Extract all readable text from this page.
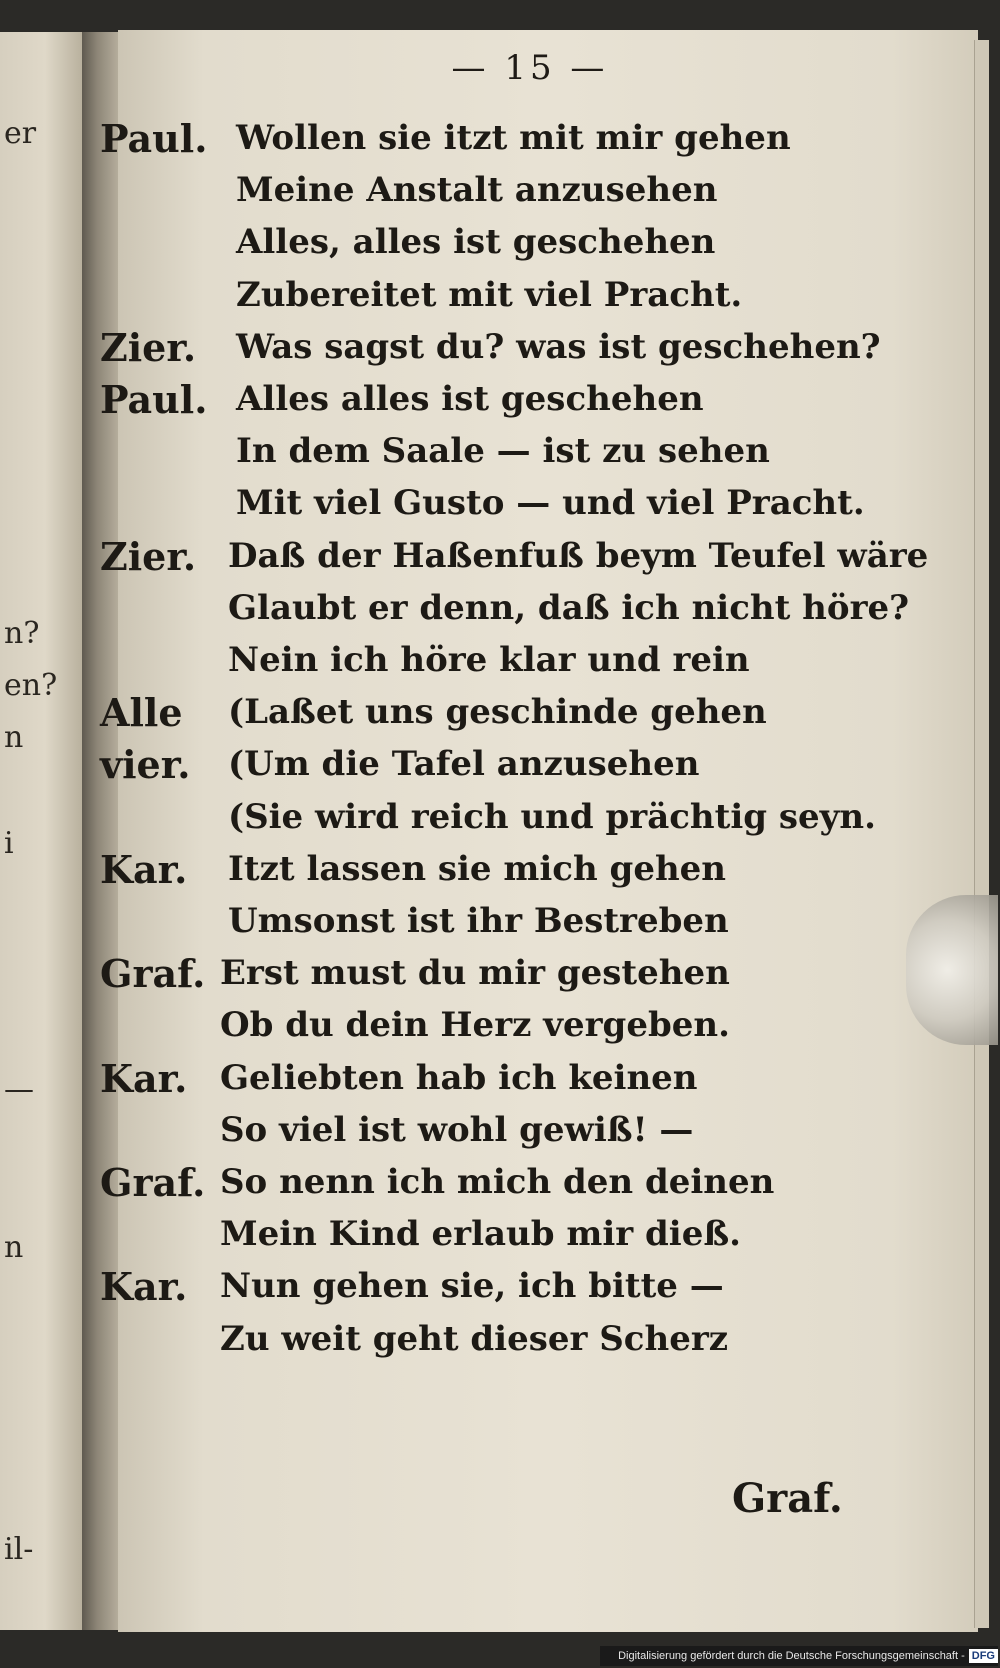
er
n?
en?
n
i
—
n
il-
— 15 —
Paul. Wollen sie itzt mit mir gehen
Meine Anstalt anzusehen
Alles, alles ist geschehen
Zubereitet mit viel Pracht.
Zier. Was sagst du? was ist geschehen?
Paul. Alles alles ist geschehen
In dem Saale — ist zu sehen
Mit viel Gusto — und viel Pracht.
Zier. Daß der Haßenfuß beym Teufel wäre
Glaubt er denn, daß ich nicht höre?
Nein ich höre klar und rein
Alle (Laßet uns geschinde gehen
vier. (Um die Tafel anzusehen
(Sie wird reich und prächtig seyn.
Kar. Itzt lassen sie mich gehen
Umsonst ist ihr Bestreben
Graf. Erst must du mir gestehen
Ob du dein Herz vergeben.
Kar. Geliebten hab ich keinen
So viel ist wohl gewiß! —
Graf. So nenn ich mich den deinen
Mein Kind erlaub mir dieß.
Kar. Nun gehen sie, ich bitte —
Zu weit geht dieser Scherz
Graf.
Digitalisierung gefördert durch die Deutsche Forschungsgemeinschaft - DFG
